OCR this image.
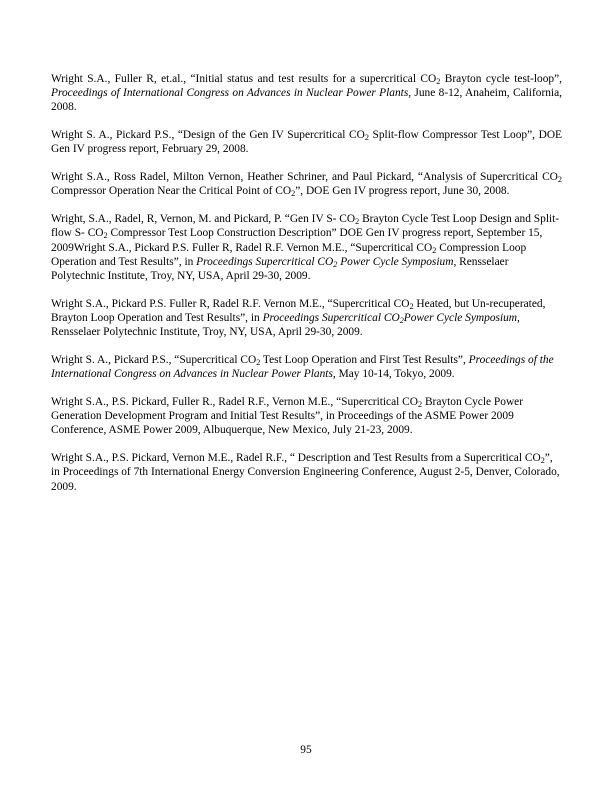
Wright S.A., Fuller R, et.al., “Initial status and test results for a supercritical $CO_2$ Brayton cycle test-loop”, Proceedings of International Congress on Advances in Nuclear Power Plants, June 8-12, Anaheim, California, 2008.

Wright S. A., Pickard P.S., “Design of the Gen IV Supercritical $CO_2$ Split-flow Compressor Test Loop”, DOE Gen IV progress report, February 29, 2008.

Wright S.A., Ross Radel, Milton Vernon, Heather Schriner, and Paul Pickard, “Analysis of Supercritical $CO_2$ Compressor Operation Near the Critical Point of $CO_2$”, DOE Gen IV progress report, June 30, 2008.

Wright, S.A., Radel, R, Vernon, M. and Pickard, P. “Gen IV S- $CO_2$ Brayton Cycle Test Loop Design and Split-flow S- $CO_2$ Compressor Test Loop Construction Description” DOE Gen IV progress report, September 15, 2009Wright S.A., Pickard P.S. Fuller R, Radel R.F. Vernon M.E., “Supercritical $CO_2$ Compression Loop Operation and Test Results”, in Proceedings Supercritical $CO_2$ Power Cycle Symposium, Rensselaer Polytechnic Institute, Troy, NY, USA, April 29-30, 2009.

Wright S.A., Pickard P.S. Fuller R, Radel R.F. Vernon M.E., “Supercritical $CO_2$ Heated, but Un-recuperated, Brayton Loop Operation and Test Results”, in Proceedings Supercritical $CO_2Power$ Cycle Symposium, Rensselaer Polytechnic Institute, Troy, NY, USA, April 29-30, 2009.

Wright S. A., Pickard P.S., “Supercritical $CO_2$ Test Loop Operation and First Test Results”, Proceedings of the International Congress on Advances in Nuclear Power Plants, May 10-14, Tokyo, 2009.

Wright S.A., P.S. Pickard, Fuller R., Radel R.F., Vernon M.E., “Supercritical $CO_2$ Brayton Cycle Power Generation Development Program and Initial Test Results”, in Proceedings of the ASME Power 2009 Conference, ASME Power 2009, Albuquerque, New Mexico, July 21-23, 2009.

Wright S.A., P.S. Pickard, Vernon M.E., Radel R.F., “ Description and Test Results from a Supercritical $CO_2$”, in Proceedings of 7th International Energy Conversion Engineering Conference, August 2-5, Denver, Colorado, 2009.

95
